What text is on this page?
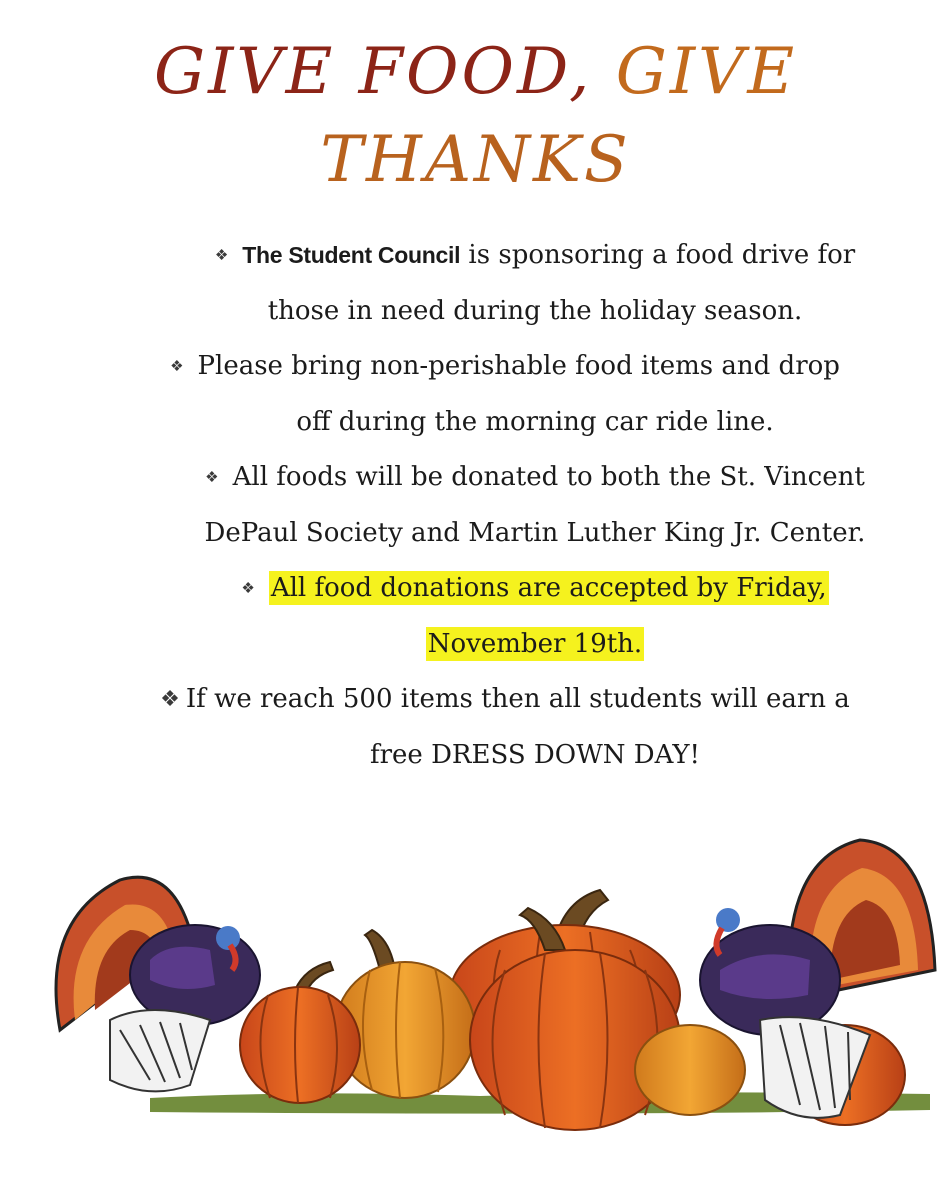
GIVE FOOD, GIVE
THANKS

❖ The Student Council is sponsoring a food drive for

those in need during the holiday season.

❖ Please bring non-perishable food items and drop

off during the morning car ride line.

❖ All foods will be donated to both the St. Vincent

DePaul Society and Martin Luther King Jr. Center.

❖ All food donations are accepted by Friday,

November 19th.

❖ If we reach 500 items then all students will earn a

free DRESS DOWN DAY!
